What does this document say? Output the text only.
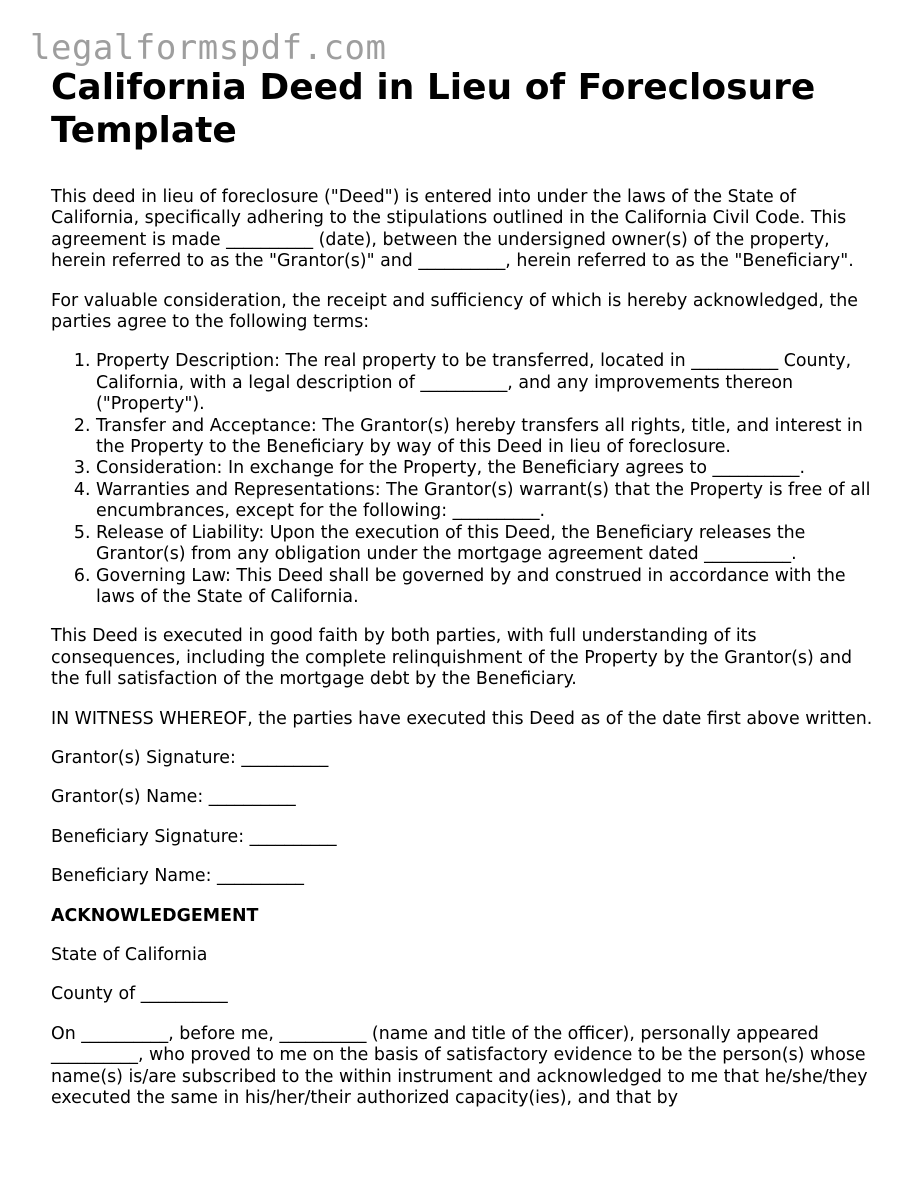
legalformspdf.com
California Deed in Lieu of Foreclosure Template

This deed in lieu of foreclosure ("Deed") is entered into under the laws of the State of California, specifically adhering to the stipulations outlined in the California Civil Code. This agreement is made __________ (date), between the undersigned owner(s) of the property, herein referred to as the "Grantor(s)" and __________, herein referred to as the "Beneficiary".

For valuable consideration, the receipt and sufficiency of which is hereby acknowledged, the parties agree to the following terms:

1. Property Description: The real property to be transferred, located in __________ County, California, with a legal description of __________, and any improvements thereon ("Property").
2. Transfer and Acceptance: The Grantor(s) hereby transfers all rights, title, and interest in the Property to the Beneficiary by way of this Deed in lieu of foreclosure.
3. Consideration: In exchange for the Property, the Beneficiary agrees to __________.
4. Warranties and Representations: The Grantor(s) warrant(s) that the Property is free of all encumbrances, except for the following: __________.
5. Release of Liability: Upon the execution of this Deed, the Beneficiary releases the Grantor(s) from any obligation under the mortgage agreement dated __________.
6. Governing Law: This Deed shall be governed by and construed in accordance with the laws of the State of California.

This Deed is executed in good faith by both parties, with full understanding of its consequences, including the complete relinquishment of the Property by the Grantor(s) and the full satisfaction of the mortgage debt by the Beneficiary.

IN WITNESS WHEREOF, the parties have executed this Deed as of the date first above written.

Grantor(s) Signature: __________

Grantor(s) Name: __________

Beneficiary Signature: __________

Beneficiary Name: __________

ACKNOWLEDGEMENT

State of California

County of __________

On __________, before me, __________ (name and title of the officer), personally appeared __________, who proved to me on the basis of satisfactory evidence to be the person(s) whose name(s) is/are subscribed to the within instrument and acknowledged to me that he/she/they executed the same in his/her/their authorized capacity(ies), and that by
